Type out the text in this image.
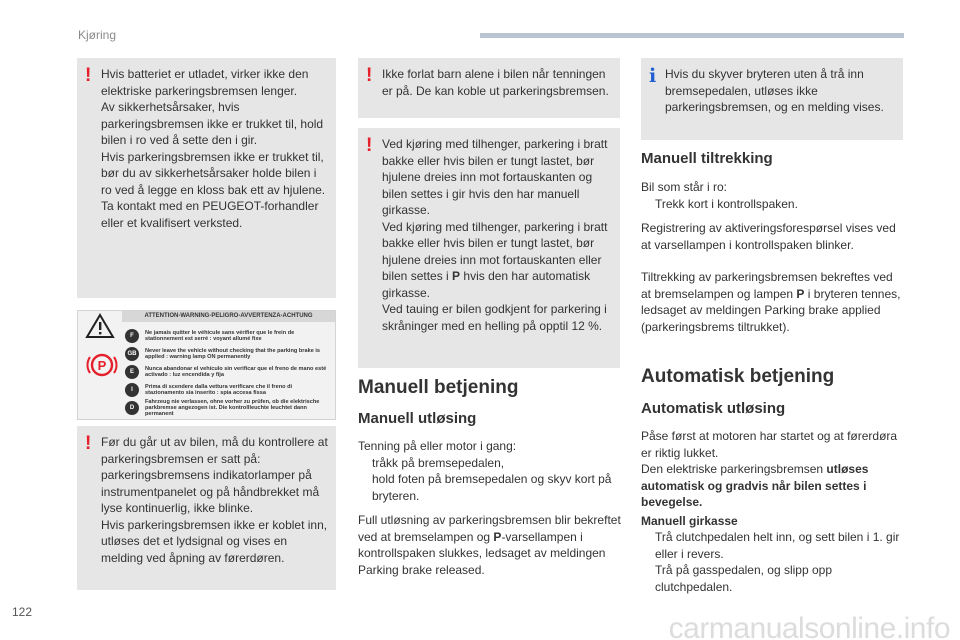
Kjøring
! Hvis batteriet er utladet, virker ikke den elektriske parkeringsbremsen lenger.
Av sikkerhetsårsaker, hvis parkeringsbremsen ikke er trukket til, hold bilen i ro ved å sette den i gir.
Hvis parkeringsbremsen ikke er trukket til, bør du av sikkerhetsårsaker holde bilen i ro ved å legge en kloss bak ett av hjulene.
Ta kontakt med en PEUGEOT-forhandler eller et kvalifisert verksted.
ATTENTION-WARNING-PELIGRO-AVVERTENZA-ACHTUNG
P
F
Ne jamais quitter le véhicule sans vérifier que le frein de stationnement est serré : voyant allumé fixe
GB
Never leave the vehicle without checking that the parking brake is applied : warning lamp ON permanently
E
Nunca abandonar el vehículo sin verificar que el freno de mano esté activado : luz encendida y fija
I
Prima di scendere dalla vettura verificare che il freno di stazionamento sia inserito : spia accesa fissa
D
Fahrzeug nie verlassen, ohne vorher zu prüfen, ob die elektrische parkbremse angezogen ist. Die kontrollleuchte leuchtet dann permanent
! Før du går ut av bilen, må du kontrollere at parkeringsbremsen er satt på: parkeringsbremsens indikatorlamper på instrumentpanelet og på håndbrekket må lyse kontinuerlig, ikke blinke.
Hvis parkeringsbremsen ikke er koblet inn, utløses det et lydsignal og vises en melding ved åpning av førerdøren.
! Ikke forlat barn alene i bilen når tenningen er på. De kan koble ut parkeringsbremsen.
! Ved kjøring med tilhenger, parkering i bratt bakke eller hvis bilen er tungt lastet, bør hjulene dreies inn mot fortauskanten og bilen settes i gir hvis den har manuell girkasse.
Ved kjøring med tilhenger, parkering i bratt bakke eller hvis bilen er tungt lastet, bør hjulene dreies inn mot fortauskanten eller bilen settes i P hvis den har automatisk girkasse.
Ved tauing er bilen godkjent for parkering i skråninger med en helling på opptil 12 %.
Manuell betjening
Manuell utløsing
Tenning på eller motor i gang:
tråkk på bremsepedalen,
hold foten på bremsepedalen og skyv kort på bryteren.
Full utløsning av parkeringsbremsen blir bekreftet ved at bremselampen og P-varsellampen i kontrollspaken slukkes, ledsaget av meldingen Parking brake released.
i Hvis du skyver bryteren uten å trå inn bremsepedalen, utløses ikke parkeringsbremsen, og en melding vises.
Manuell tiltrekking
Bil som står i ro:
Trekk kort i kontrollspaken.
Registrering av aktiveringsforespørsel vises ved at varsellampen i kontrollspaken blinker.
Tiltrekking av parkeringsbremsen bekreftes ved at bremselampen og lampen P i bryteren tennes, ledsaget av meldingen Parking brake applied (parkeringsbrems tiltrukket).
Automatisk betjening
Automatisk utløsing
Påse først at motoren har startet og at førerdøra er riktig lukket.
Den elektriske parkeringsbremsen utløses automatisk og gradvis når bilen settes i bevegelse.
Manuell girkasse
Trå clutchpedalen helt inn, og sett bilen i 1. gir eller i revers.
Trå på gasspedalen, og slipp opp clutchpedalen.
122	carmanualsonline.info
